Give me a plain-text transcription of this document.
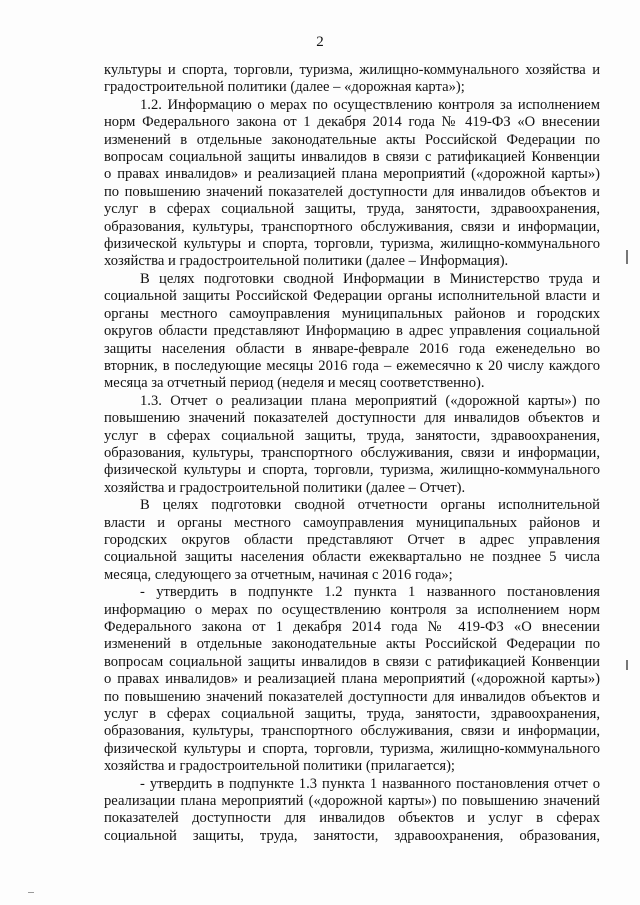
2
культуры и спорта, торговли, туризма, жилищно-коммунального хозяйства и
градостроительной политики (далее – «дорожная карта»);
1.2. Информацию о мерах по осуществлению контроля за исполнением
норм Федерального закона от 1 декабря 2014 года № 419-ФЗ «О внесении
изменений в отдельные законодательные акты Российской Федерации по
вопросам социальной защиты инвалидов в связи с ратификацией Конвенции
о правах инвалидов» и реализацией плана мероприятий («дорожной карты»)
по повышению значений показателей доступности для инвалидов объектов и
услуг в сферах социальной защиты, труда, занятости, здравоохранения,
образования, культуры, транспортного обслуживания, связи и информации,
физической культуры и спорта, торговли, туризма, жилищно-коммунального
хозяйства и градостроительной политики (далее – Информация).
В целях подготовки сводной Информации в Министерство труда и
социальной защиты Российской Федерации органы исполнительной власти и
органы местного самоуправления муниципальных районов и городских
округов области представляют Информацию в адрес управления социальной
защиты населения области в январе-феврале 2016 года еженедельно во
вторник, в последующие месяцы 2016 года – ежемесячно к 20 числу каждого
месяца за отчетный период (неделя и месяц соответственно).
1.3. Отчет о реализации плана мероприятий («дорожной карты») по
повышению значений показателей доступности для инвалидов объектов и
услуг в сферах социальной защиты, труда, занятости, здравоохранения,
образования, культуры, транспортного обслуживания, связи и информации,
физической культуры и спорта, торговли, туризма, жилищно-коммунального
хозяйства и градостроительной политики (далее – Отчет).
В целях подготовки сводной отчетности органы исполнительной
власти и органы местного самоуправления муниципальных районов и
городских округов области представляют Отчет в адрес управления
социальной защиты населения области ежеквартально не позднее 5 числа
месяца, следующего за отчетным, начиная с 2016 года»;
- утвердить в подпункте 1.2 пункта 1 названного постановления
информацию о мерах по осуществлению контроля за исполнением норм
Федерального закона от 1 декабря 2014 года № 419-ФЗ «О внесении
изменений в отдельные законодательные акты Российской Федерации по
вопросам социальной защиты инвалидов в связи с ратификацией Конвенции
о правах инвалидов» и реализацией плана мероприятий («дорожной карты»)
по повышению значений показателей доступности для инвалидов объектов и
услуг в сферах социальной защиты, труда, занятости, здравоохранения,
образования, культуры, транспортного обслуживания, связи и информации,
физической культуры и спорта, торговли, туризма, жилищно-коммунального
хозяйства и градостроительной политики (прилагается);
- утвердить в подпункте 1.3 пункта 1 названного постановления отчет о
реализации плана мероприятий («дорожной карты») по повышению значений
показателей доступности для инвалидов объектов и услуг в сферах
социальной защиты, труда, занятости, здравоохранения, образования,
